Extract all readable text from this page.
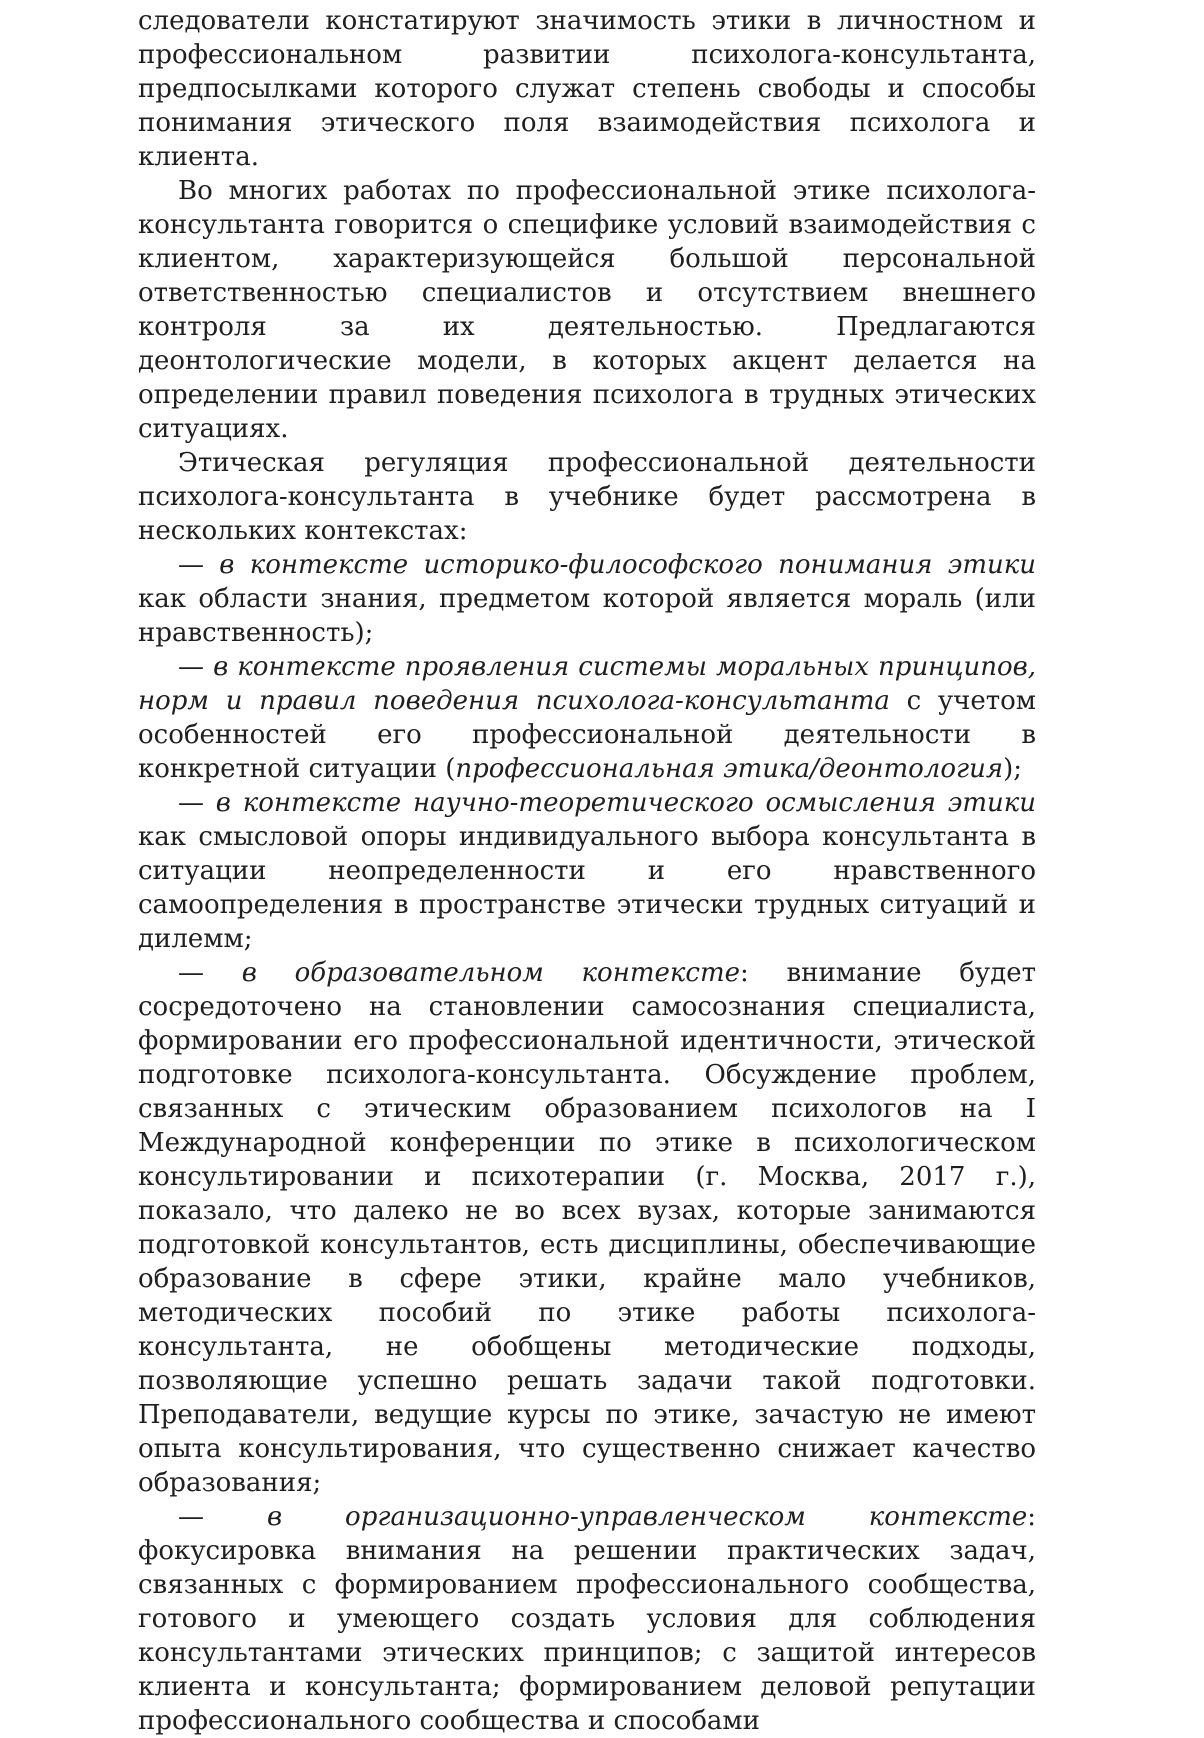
следователи констатируют значимость этики в личностном и профессиональном развитии психолога-консультанта, предпосылками которого служат степень свободы и способы понимания этического поля взаимодействия психолога и клиента.

Во многих работах по профессиональной этике психолога-консультанта говорится о специфике условий взаимодействия с клиентом, характеризующейся большой персональной ответственностью специалистов и отсутствием внешнего контроля за их деятельностью. Предлагаются деонтологические модели, в которых акцент делается на определении правил поведения психолога в трудных этических ситуациях.

Этическая регуляция профессиональной деятельности психолога-консультанта в учебнике будет рассмотрена в нескольких контекстах:

— в контексте историко-философского понимания этики как области знания, предметом которой является мораль (или нравственность);

— в контексте проявления системы моральных принципов, норм и правил поведения психолога-консультанта с учетом особенностей его профессиональной деятельности в конкретной ситуации (профессиональная этика/деонтология);

— в контексте научно-теоретического осмысления этики как смысловой опоры индивидуального выбора консультанта в ситуации неопределенности и его нравственного самоопределения в пространстве этически трудных ситуаций и дилемм;

— в образовательном контексте: внимание будет сосредоточено на становлении самосознания специалиста, формировании его профессиональной идентичности, этической подготовке психолога-консультанта. Обсуждение проблем, связанных с этическим образованием психологов на I Международной конференции по этике в психологическом консультировании и психотерапии (г. Москва, 2017 г.), показало, что далеко не во всех вузах, которые занимаются подготовкой консультантов, есть дисциплины, обеспечивающие образование в сфере этики, крайне мало учебников, методических пособий по этике работы психолога-консультанта, не обобщены методические подходы, позволяющие успешно решать задачи такой подготовки. Преподаватели, ведущие курсы по этике, зачастую не имеют опыта консультирования, что существенно снижает качество образования;

— в организационно-управленческом контексте: фокусировка внимания на решении практических задач, связанных с формированием профессионального сообщества, готового и умеющего создать условия для соблюдения консультантами этических принципов; с защитой интересов клиента и консультанта; формированием деловой репутации профессионального сообщества и способами
